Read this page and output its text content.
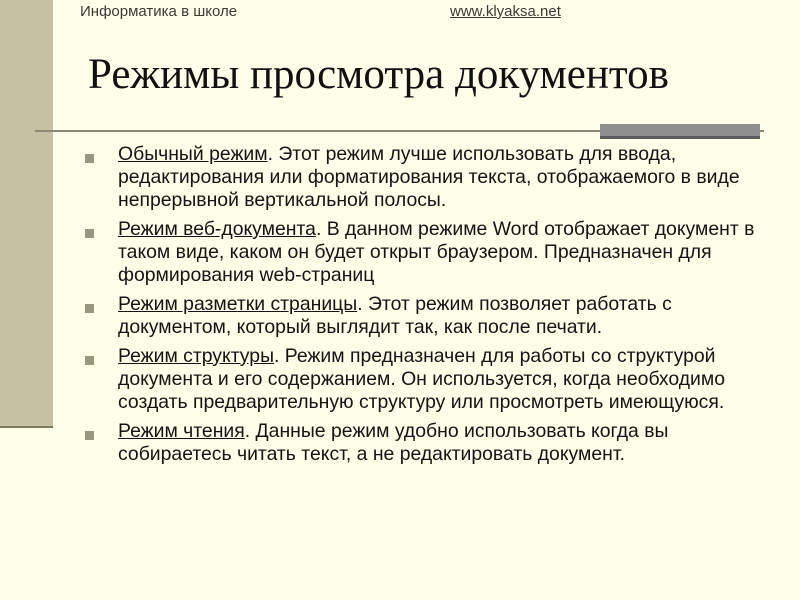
Информатика в школе	www.klyaksa.net
Режимы просмотра документов
Обычный режим. Этот режим лучше использовать для ввода, редактирования или форматирования текста, отображаемого в виде непрерывной вертикальной полосы.
Режим веб-документа. В данном режиме Word отображает документ в таком виде, каком он будет открыт браузером. Предназначен для формирования web-страниц
Режим разметки страницы. Этот режим позволяет работать с документом, который выглядит так, как после печати.
Режим структуры. Режим предназначен для работы со структурой документа и его содержанием. Он используется, когда необходимо создать предварительную структуру или просмотреть имеющуюся.
Режим чтения. Данные режим удобно использовать когда вы собираетесь читать текст, а не редактировать документ.
